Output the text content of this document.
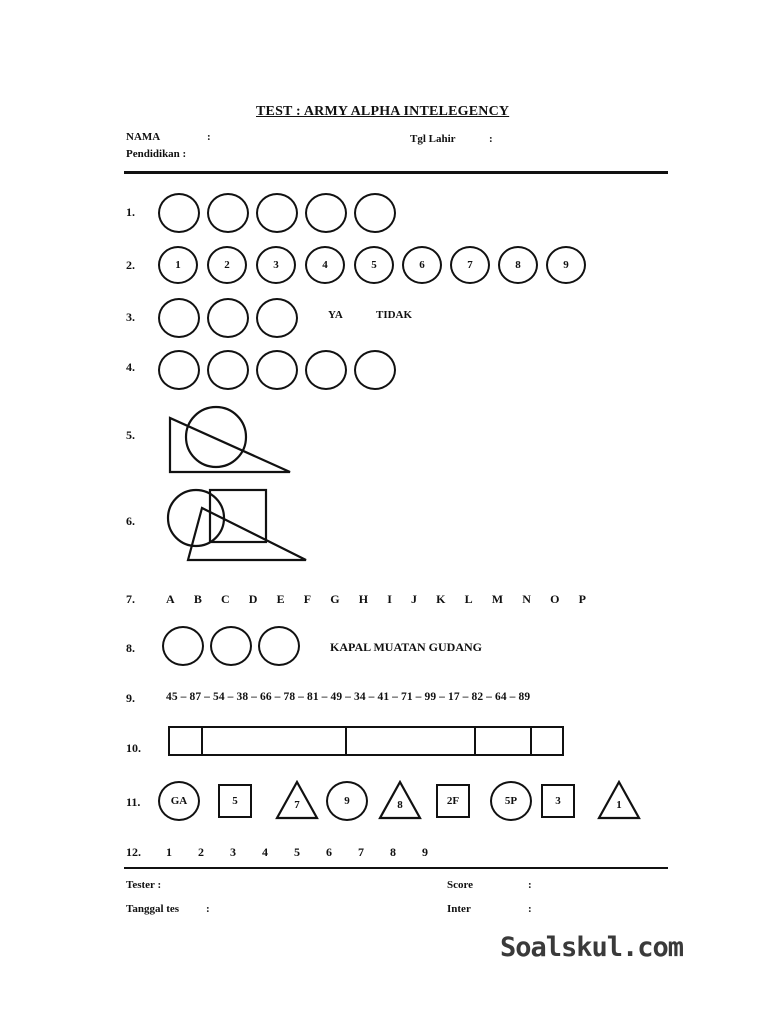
TEST : ARMY ALPHA INTELEGENCY
NAMA	:	Tgl Lahir	:
Pendidikan :
1.
2.
3.
4.
5.
6.
7.
8.
9.
10.
11.
12.
1	2	3	4	5	6	7	8	9
YA	TIDAK
A B C D E F G H I J K L M N O P
KAPAL MUATAN GUDANG
45 – 87 – 54 – 38 – 66 – 78 – 81 – 49 – 34 – 41 – 71 – 99 – 17 – 82 – 64 – 89
GA	5	7	9	8	2F	5P	3	1
1 2 3 4 5 6 7 8 9
Tester :	Score	:
Tanggal tes :	Inter	:
Soalskul.com
